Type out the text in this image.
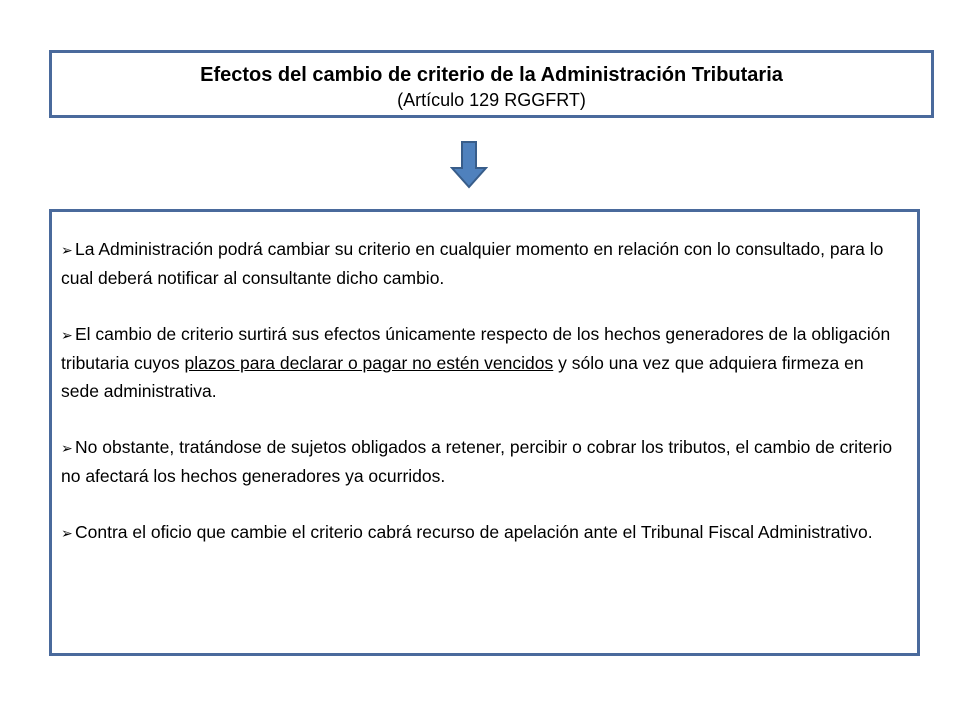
Efectos del cambio de criterio de la Administración Tributaria
(Artículo 129 RGGFRT)

➢ La Administración podrá cambiar su criterio en cualquier momento en relación con lo consultado, para lo cual deberá notificar al consultante dicho cambio.

➢ El cambio de criterio surtirá sus efectos únicamente respecto de los hechos generadores de la obligación tributaria cuyos plazos para declarar o pagar no estén vencidos y sólo una vez que adquiera firmeza en sede administrativa.

➢ No obstante, tratándose de sujetos obligados a retener, percibir o cobrar los tributos, el cambio de criterio no afectará los hechos generadores ya ocurridos.

➢ Contra el oficio que cambie el criterio cabrá recurso de apelación ante el Tribunal Fiscal Administrativo.
